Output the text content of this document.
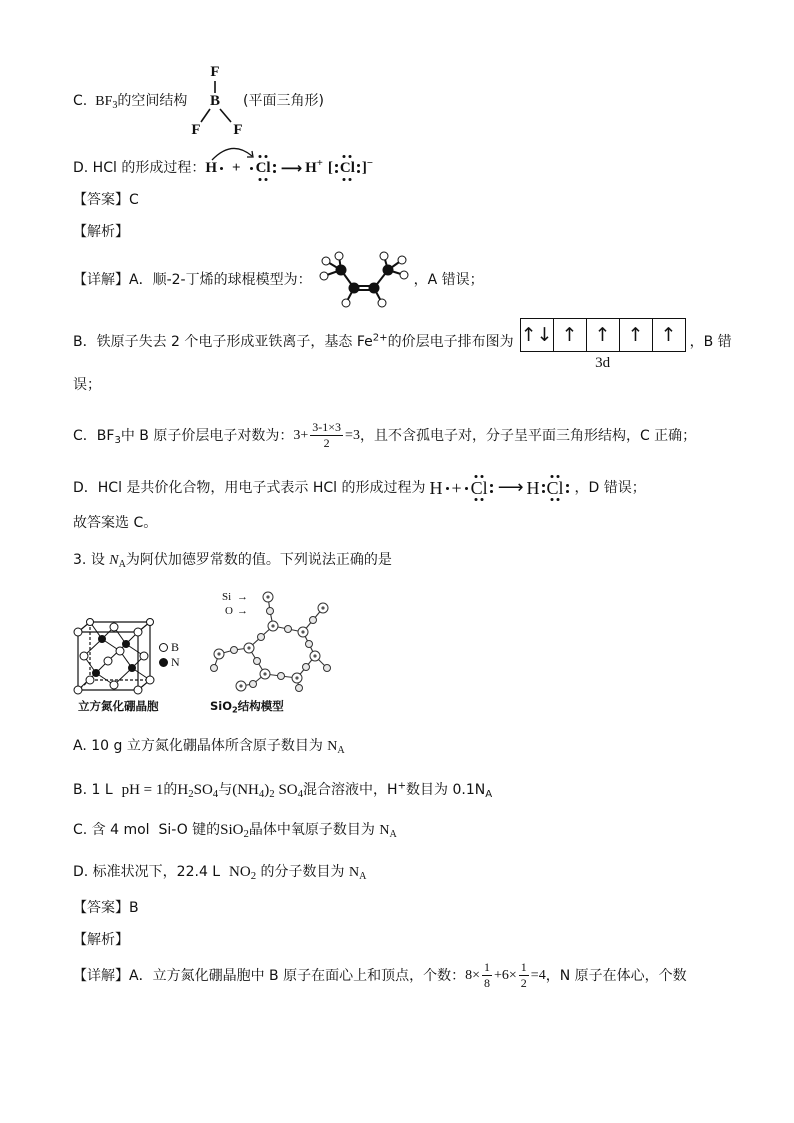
C. $BF_3$ 的空间结构
F
B
F F
(平面三角形)
D. HCl 的形成过程： H + Cl ⟶ H+ [ Cl ]−
【答案】 C
【解析】
【详解】 A．顺-2-丁烯的球棍模型为：	，A 错误；
B．铁原子失去 2 个电子形成亚铁离子，基态 $Fe^{2+}$的价层电子排布图为 ↑↓ ↑ ↑ ↑ ↑
3d
，B 错
误；
C．$BF_3$中 B 原子价层电子对数为： $3+ \frac{3-1\times 3}{2} =3$ ，且不含孤电子对，分子呈平面三角形结构，C 正确；
D．HCl 是共价化合物，用电子式表示 HCl 的形成过程为 H + Cl ⟶ H Cl ，D 错误；
故答案选 C。
3. 设 $N_A$ 为阿伏加德罗常数的值。下列说法正确的是
B
N
立方氮化硼晶胞
Si →
O →
SiO$_2$结构模型
A. 10 g 立方氮化硼晶体所含原子数目为 $N_A$
B. 1 L pH = 1 的 $H_2SO_4$ 与 $(NH_4)_2$ $SO_4$ 混合溶液中，H+数目为 $0.1N_A$
C. 含 4 mol  Si-O 键的 SiO$_2$ 晶体中氧原子数目为 $N_A$
D. 标准状况下，22.4 L $NO_2$ 的分子数目为 $N_A$
【答案】 B
【解析】
【详解】 A．立方氮化硼晶胞中 B 原子在面心上和顶点，个数： $8\times \frac{1}{8} +6\times \frac{1}{2} =4$ ，N 原子在体心，个数
